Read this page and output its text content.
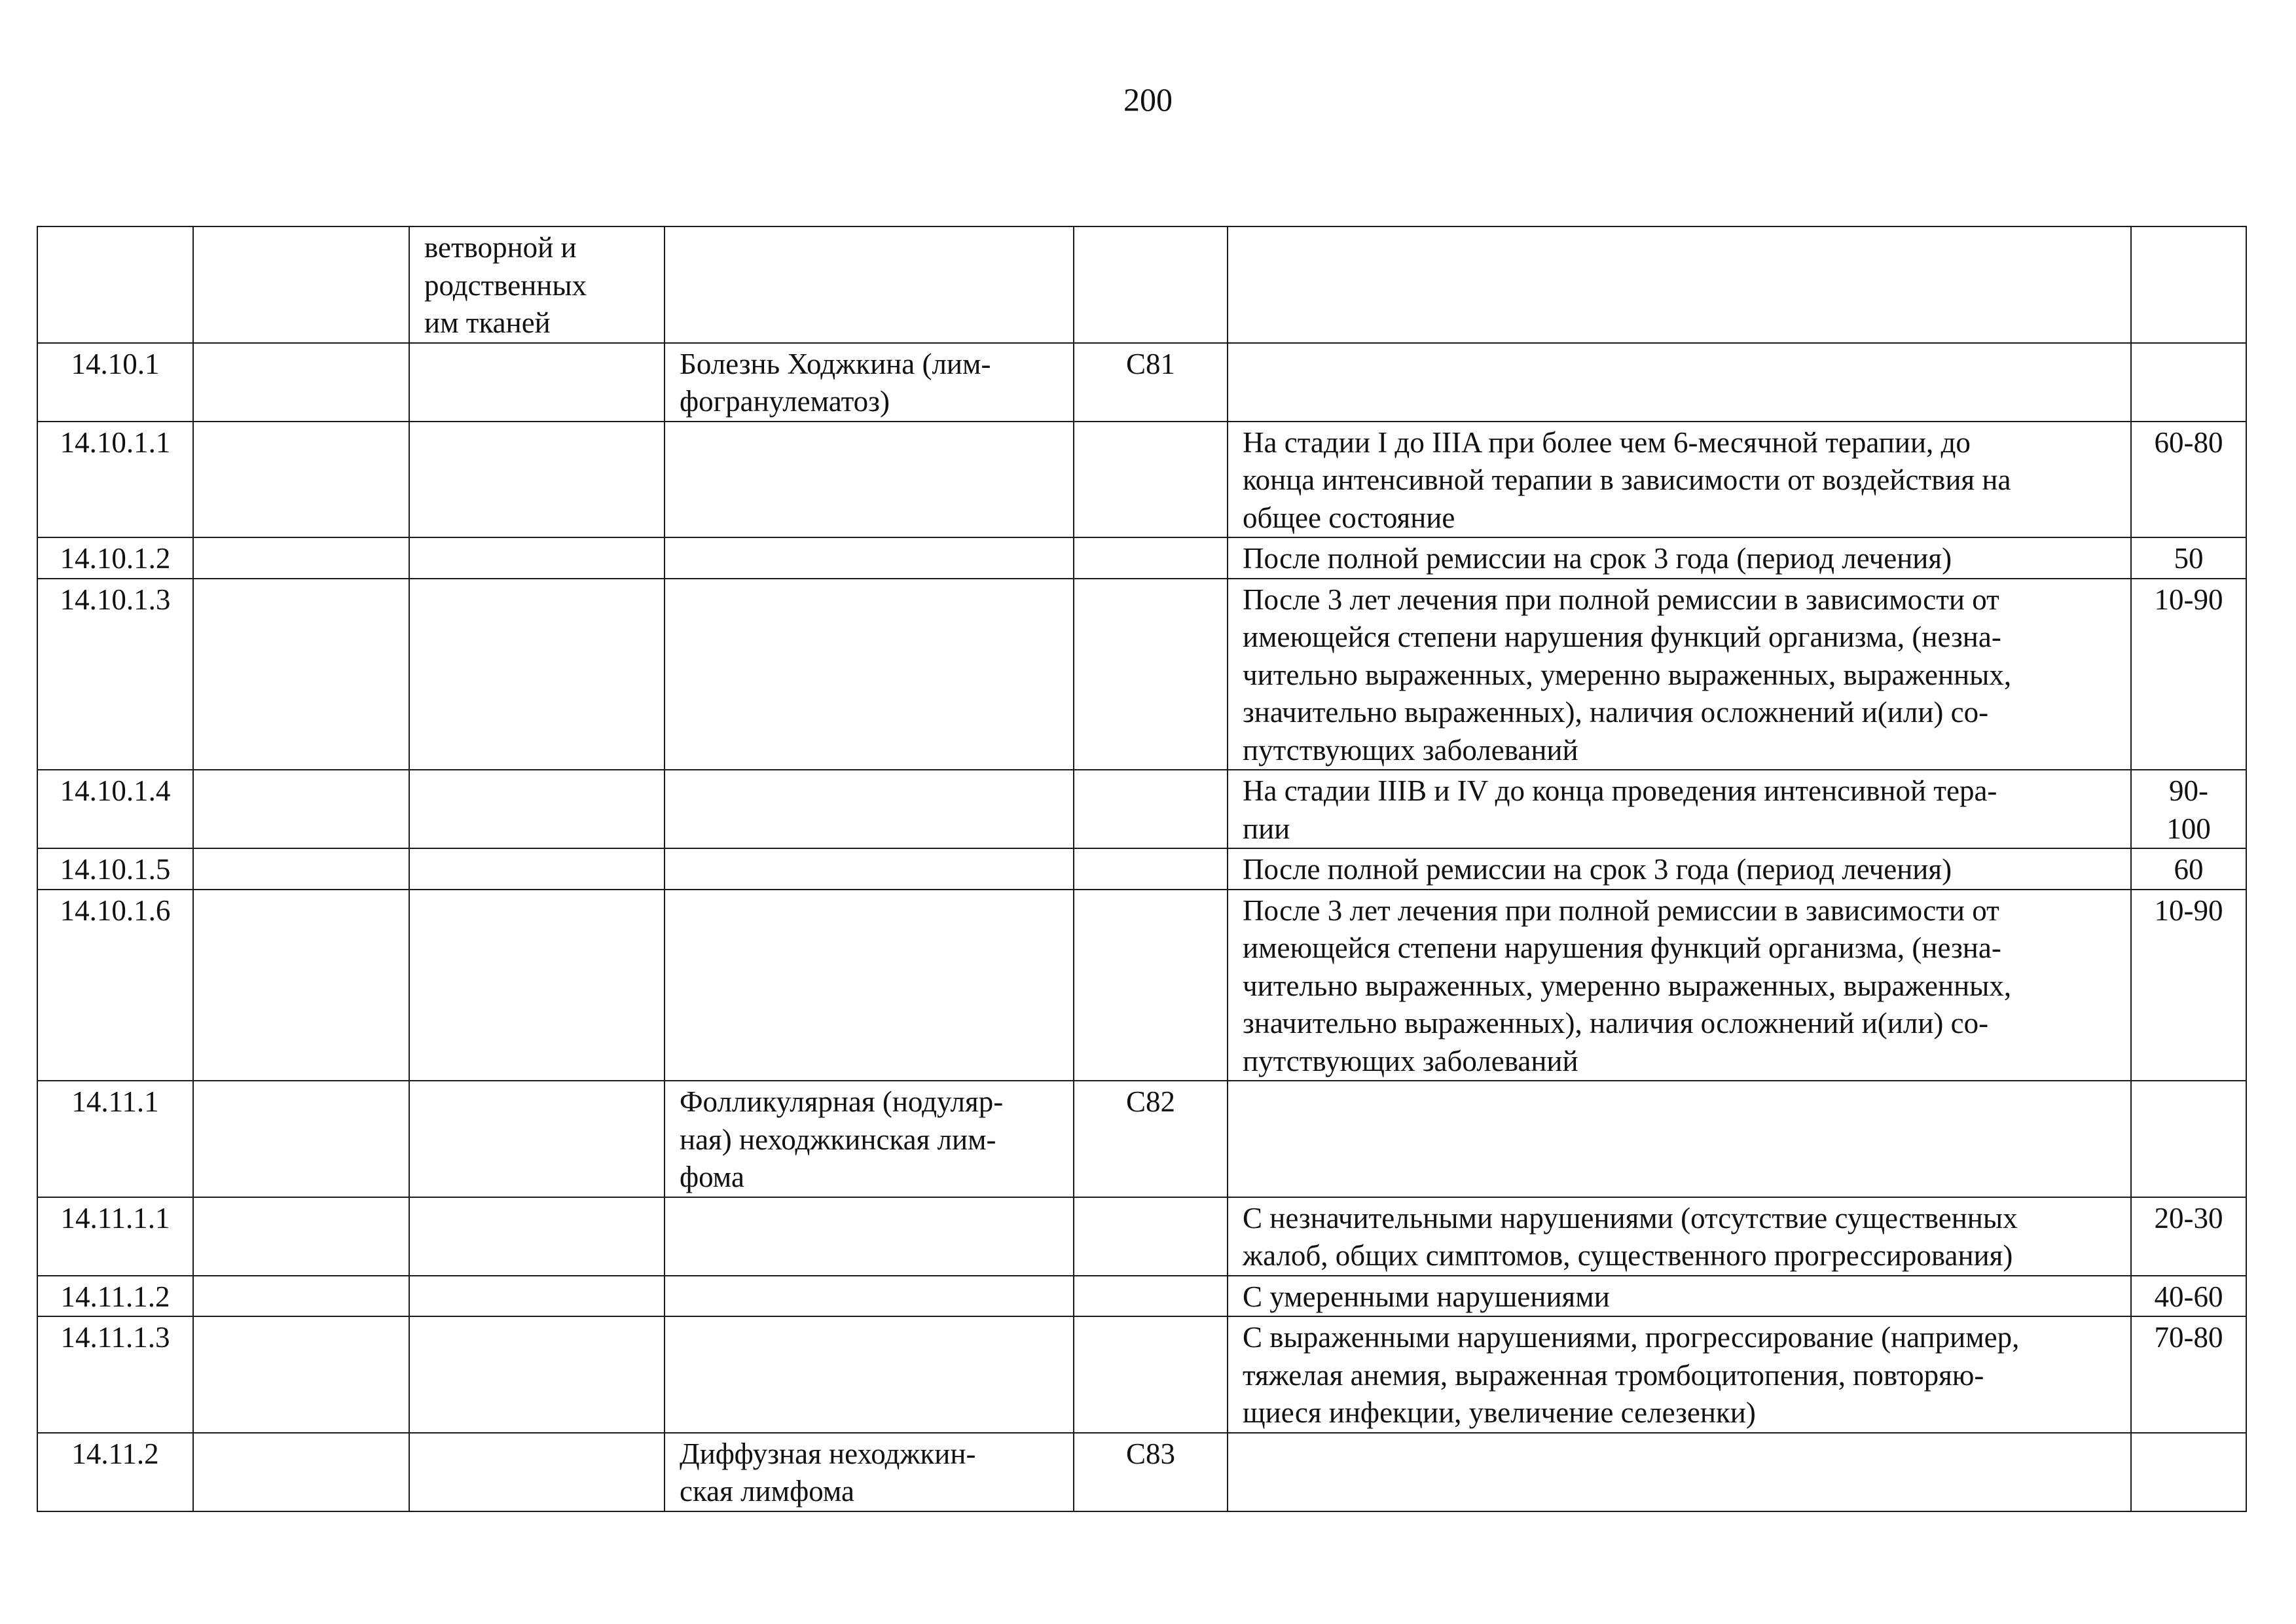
200
		ветворной и
родственных
им тканей				
14.10.1			Болезнь Ходжкина (лим-
фогранулематоз)	C81		
14.10.1.1					На стадии I до IIIA при более чем 6-месячной терапии, до
конца интенсивной терапии в зависимости от воздействия на
общее состояние	60-80
14.10.1.2					После полной ремиссии на срок 3 года (период лечения)	50
14.10.1.3					После 3 лет лечения при полной ремиссии в зависимости от
имеющейся степени нарушения функций организма, (незна-
чительно выраженных, умеренно выраженных, выраженных,
значительно выраженных), наличия осложнений и(или) со-
путствующих заболеваний	10-90
14.10.1.4					На стадии IIIB и IV до конца проведения интенсивной тера-
пии	90-
100
14.10.1.5					После полной ремиссии на срок 3 года (период лечения)	60
14.10.1.6					После 3 лет лечения при полной ремиссии в зависимости от
имеющейся степени нарушения функций организма, (незна-
чительно выраженных, умеренно выраженных, выраженных,
значительно выраженных), наличия осложнений и(или) со-
путствующих заболеваний	10-90
14.11.1			Фолликулярная (нодуляр-
ная) неходжкинская лим-
фома	C82		
14.11.1.1					С незначительными нарушениями (отсутствие существенных
жалоб, общих симптомов, существенного прогрессирования)	20-30
14.11.1.2					С умеренными нарушениями	40-60
14.11.1.3					С выраженными нарушениями, прогрессирование (например,
тяжелая анемия, выраженная тромбоцитопения, повторяю-
щиеся инфекции, увеличение селезенки)	70-80
14.11.2			Диффузная неходжкин-
ская лимфома	C83		
